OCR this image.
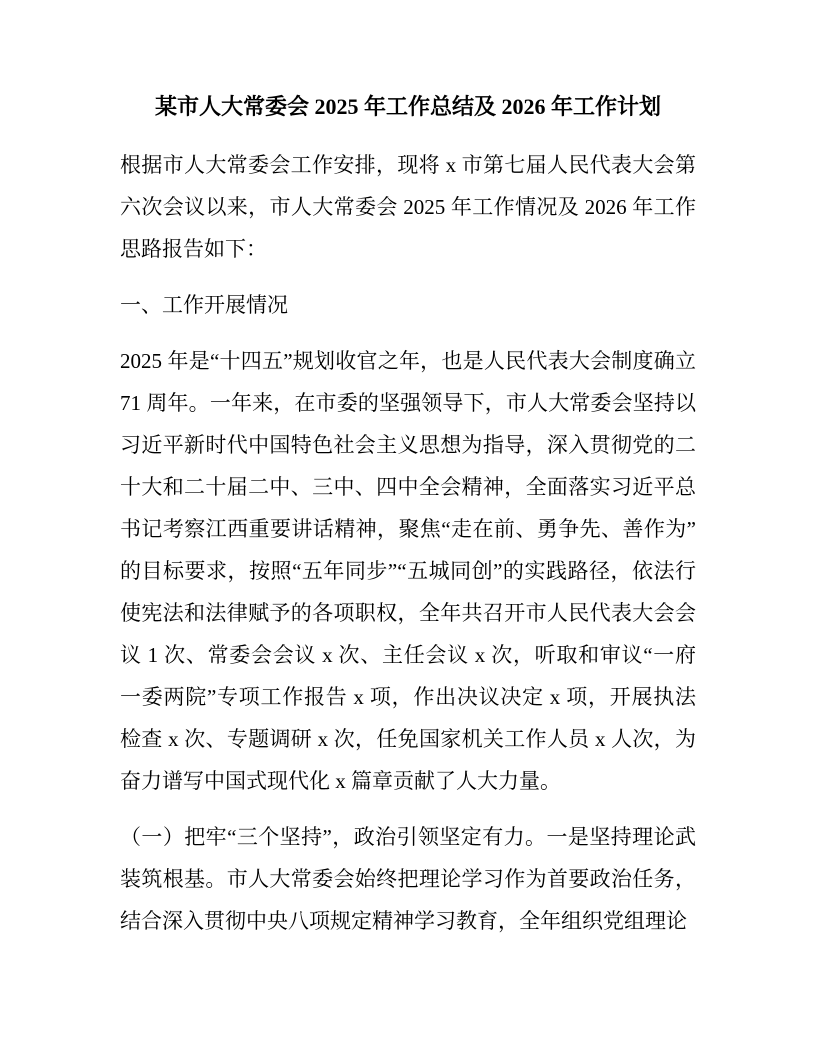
某市人大常委会 2025 年工作总结及 2026 年工作计划

根据市人大常委会工作安排，现将 x 市第七届人民代表大会第六次会议以来，市人大常委会 2025 年工作情况及 2026 年工作思路报告如下：

一、工作开展情况

2025 年是“十四五”规划收官之年，也是人民代表大会制度确立 71 周年。一年来，在市委的坚强领导下，市人大常委会坚持以习近平新时代中国特色社会主义思想为指导，深入贯彻党的二十大和二十届二中、三中、四中全会精神，全面落实习近平总书记考察江西重要讲话精神，聚焦“走在前、勇争先、善作为”的目标要求，按照“五年同步”“五城同创”的实践路径，依法行使宪法和法律赋予的各项职权，全年共召开市人民代表大会会议 1 次、常委会会议 x 次、主任会议 x 次，听取和审议“一府一委两院”专项工作报告 x 项，作出决议决定 x 项，开展执法检查 x 次、专题调研 x 次，任免国家机关工作人员 x 人次，为奋力谱写中国式现代化 x 篇章贡献了人大力量。

（一）把牢“三个坚持”，政治引领坚定有力。一是坚持理论武装筑根基。市人大常委会始终把理论学习作为首要政治任务，结合深入贯彻中央八项规定精神学习教育，全年组织党组理论
